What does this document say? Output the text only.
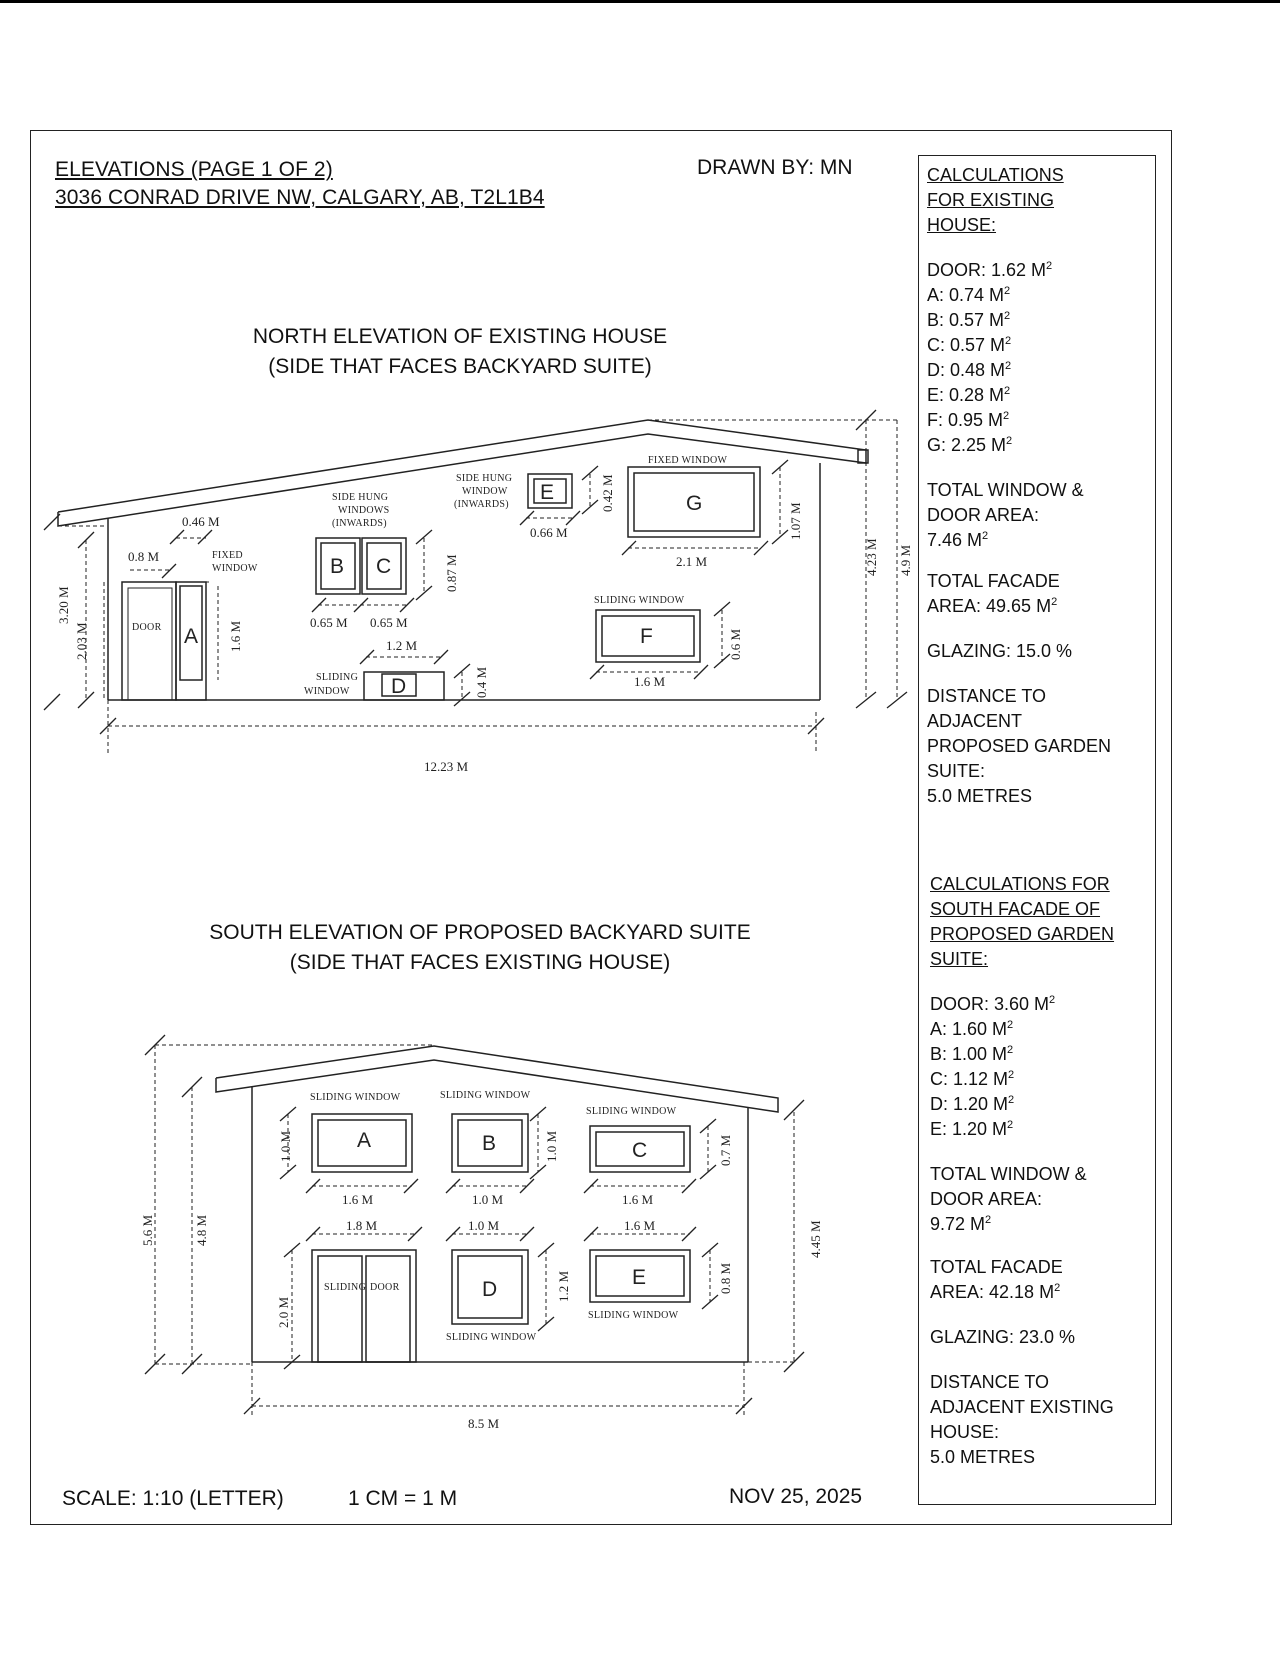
ELEVATIONS (PAGE 1 OF 2)
3036 CONRAD DRIVE NW, CALGARY, AB, T2L1B4
DRAWN BY: MN
NORTH ELEVATION OF EXISTING HOUSE
(SIDE THAT FACES BACKYARD SUITE)
SOUTH ELEVATION OF PROPOSED BACKYARD SUITE
(SIDE THAT FACES EXISTING HOUSE)
SCALE: 1:10 (LETTER)	1 CM = 1 M	NOV 25, 2025

CALCULATIONS

FOR EXISTING

HOUSE:

DOOR: 1.62 $M^2$

A: 0.74 $M^2$

B: 0.57 $M^2$

C: 0.57 $M^2$

D: 0.48 $M^2$

E: 0.28 $M^2$

F: 0.95 $M^2$

G: 2.25 $M^2$

TOTAL WINDOW &

DOOR AREA:

7.46 $M^2$

TOTAL FACADE

AREA: 49.65 $M^2$

GLAZING: 15.0 %

DISTANCE TO

ADJACENT

PROPOSED GARDEN

SUITE:

5.0 METRES

CALCULATIONS FOR

SOUTH FACADE OF

PROPOSED GARDEN

SUITE:

DOOR: 3.60 $M^2$

A: 1.60 $M^2$

B: 1.00 $M^2$

C: 1.12 $M^2$

D: 1.20 $M^2$

E: 1.20 $M^2$

TOTAL WINDOW &

DOOR AREA:

9.72 $M^2$

TOTAL FACADE

AREA: 42.18 $M^2$

GLAZING: 23.0 %

DISTANCE TO

ADJACENT EXISTING

HOUSE:

5.0 METRES

DOOR A
B C
D
E
F
G
FIXED
WINDOW
SIDE HUNG
WINDOWS
(INWARDS)
SIDE HUNG
WINDOW
(INWARDS)
SLIDING
WINDOW
SLIDING WINDOW
FIXED WINDOW
0.46 M
0.8 M
0.65 M 0.65 M
1.2 M
0.66 M
2.1 M
1.6 M
12.23 M
3.20 M
2.03 M	1.6 M
0.87 M
0.4 M
0.42 M
1.07 M
0.6 M
4.23 M 4.9 M
A	B	C
D
E
SLIDING WINDOW	SLIDING WINDOW
SLIDING WINDOW
SLIDING WINDOW
SLIDING WINDOW
SLIDING DOOR
1.6 M	1.0 M	1.6 M
1.8 M	1.0 M	1.6 M
8.5 M
1.0 M	1.0 M	0.7 M
2.0 M
1.2 M	0.8 M
5.6 M	4.8 M	4.45 M
